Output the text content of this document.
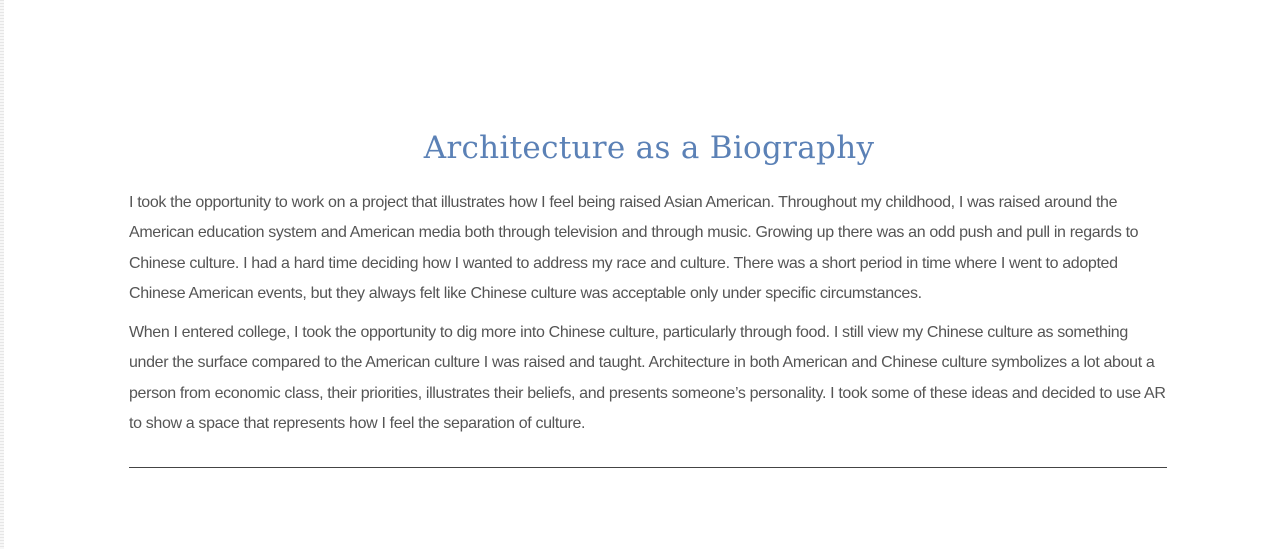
Architecture as a Biography

I took the opportunity to work on a project that illustrates how I feel being raised Asian American. Throughout my childhood, I was raised around the American education system and American media both through television and through music. Growing up there was an odd push and pull in regards to Chinese culture. I had a hard time deciding how I wanted to address my race and culture. There was a short period in time where I went to adopted Chinese American events, but they always felt like Chinese culture was acceptable only under specific circumstances.

When I entered college, I took the opportunity to dig more into Chinese culture, particularly through food. I still view my Chinese culture as something under the surface compared to the American culture I was raised and taught. Architecture in both American and Chinese culture symbolizes a lot about a person from economic class, their priorities, illustrates their beliefs, and presents someone’s personality. I took some of these ideas and decided to use AR to show a space that represents how I feel the separation of culture.
